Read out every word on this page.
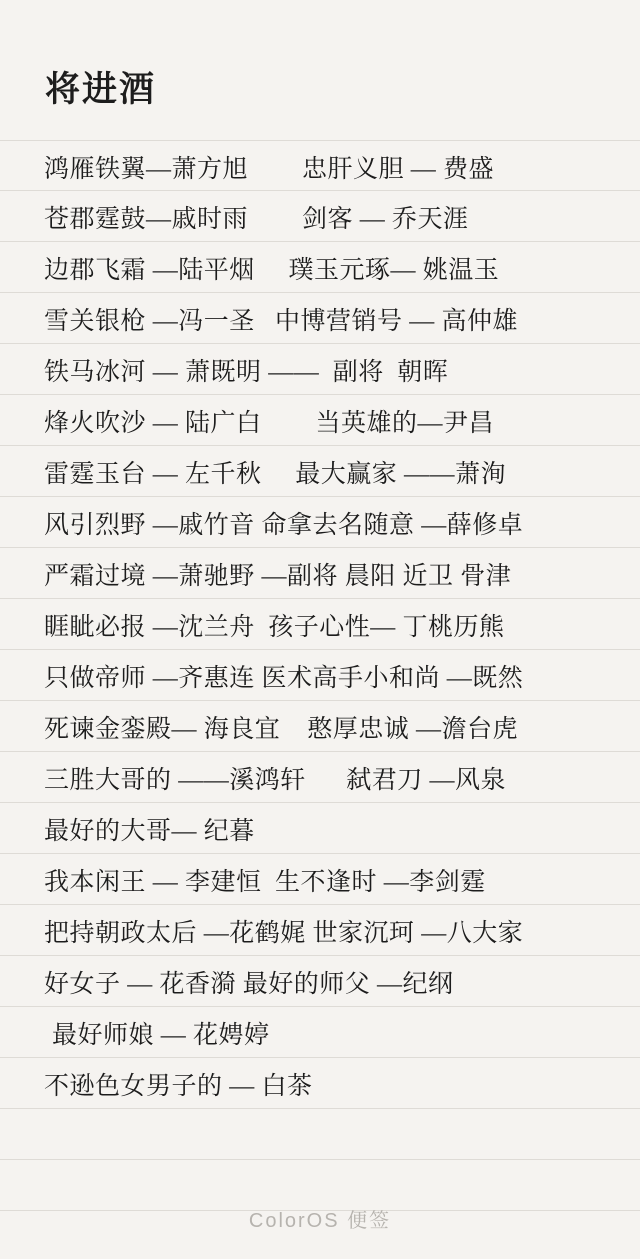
将进酒
鸿雁铁翼—萧方旭        忠肝义胆 — 费盛
苍郡霆鼓—戚时雨        剑客 — 乔天涯
边郡飞霜 —陆平烟     璞玉元琢— 姚温玉
雪关银枪 —冯一圣   中博营销号 — 高仲雄
铁马冰河 — 萧既明 ——  副将  朝晖
烽火吹沙 — 陆广白        当英雄的—尹昌
雷霆玉台 — 左千秋     最大赢家 ——萧洵
风引烈野 —戚竹音 命拿去名随意 —薛修卓
严霜过境 —萧驰野 —副将 晨阳 近卫 骨津
睚眦必报 —沈兰舟  孩子心性— 丁桃历熊
只做帝师 —齐惠连 医术高手小和尚 —既然
死谏金銮殿— 海良宜    憨厚忠诚 —澹台虎
三胜大哥的 ——溪鸿轩      弑君刀 —风泉
最好的大哥— 纪暮
我本闲王 — 李建恒  生不逢时 —李剑霆
把持朝政太后 —花鹤娓 世家沉珂 —八大家
好女子 — 花香漪 最好的师父 —纪纲
最好师娘 — 花娉婷
不逊色女男子的 — 白茶
ColorOS 便签
